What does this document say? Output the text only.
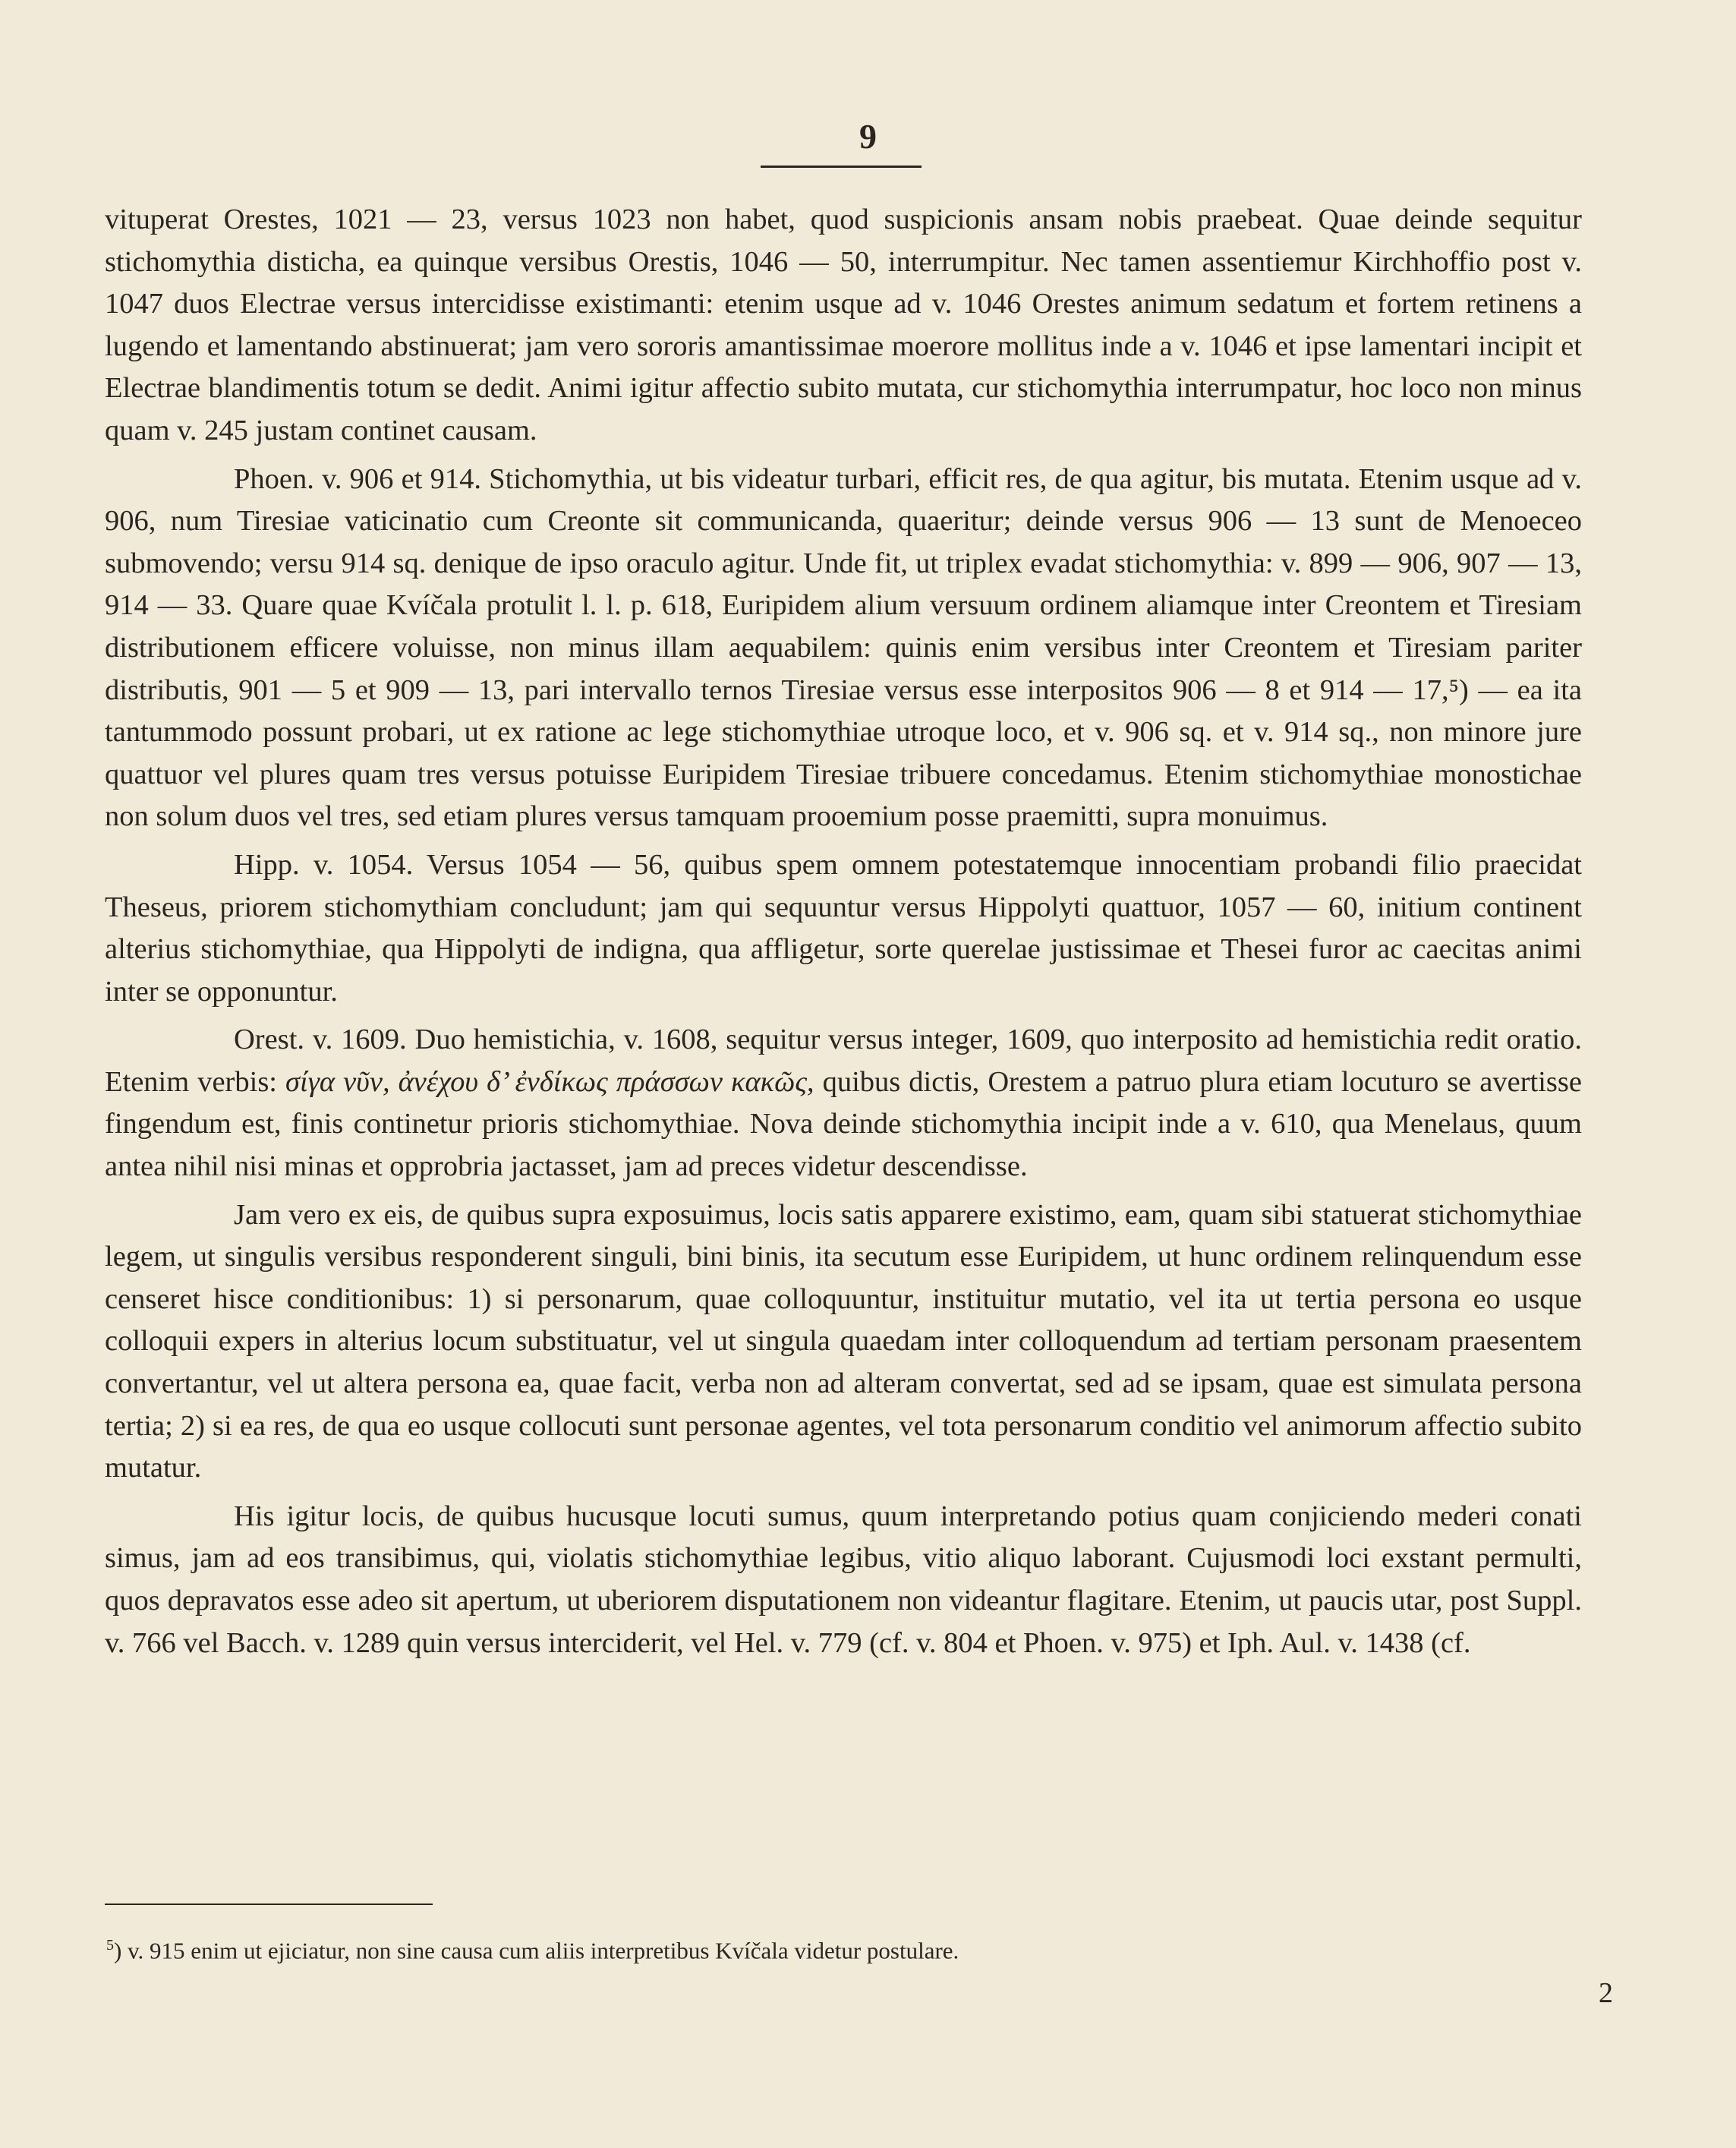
9

vituperat Orestes, 1021 — 23, versus 1023 non habet, quod suspicionis ansam nobis praebeat. Quae deinde sequitur stichomythia disticha, ea quinque versibus Orestis, 1046 — 50, interrumpitur. Nec tamen assentiemur Kirchhoffio post v. 1047 duos Electrae versus intercidisse existimanti: etenim usque ad v. 1046 Orestes animum sedatum et fortem retinens a lugendo et lamentando abstinuerat; jam vero sororis amantissimae moerore mollitus inde a v. 1046 et ipse lamentari incipit et Electrae blandimentis totum se dedit. Animi igitur affectio subito mutata, cur stichomythia interrumpatur, hoc loco non minus quam v. 245 justam continet causam.

Phoen. v. 906 et 914. Stichomythia, ut bis videatur turbari, efficit res, de qua agitur, bis mutata. Etenim usque ad v. 906, num Tiresiae vaticinatio cum Creonte sit communicanda, quaeritur; deinde versus 906 — 13 sunt de Menoeceo submovendo; versu 914 sq. denique de ipso oraculo agitur. Unde fit, ut triplex evadat stichomythia: v. 899 — 906, 907 — 13, 914 — 33. Quare quae Kvíčala protulit l. l. p. 618, Euripidem alium versuum ordinem aliamque inter Creontem et Tiresiam distributionem efficere voluisse, non minus illam aequabilem: quinis enim versibus inter Creontem et Tiresiam pariter distributis, 901 — 5 et 909 — 13, pari intervallo ternos Tiresiae versus esse interpositos 906 — 8 et 914 — 17,⁵) — ea ita tantummodo possunt probari, ut ex ratione ac lege stichomythiae utroque loco, et v. 906 sq. et v. 914 sq., non minore jure quattuor vel plures quam tres versus potuisse Euripidem Tiresiae tribuere concedamus. Etenim stichomythiae monostichae non solum duos vel tres, sed etiam plures versus tamquam prooemium posse praemitti, supra monuimus.

Hipp. v. 1054. Versus 1054 — 56, quibus spem omnem potestatemque innocentiam probandi filio praecidat Theseus, priorem stichomythiam concludunt; jam qui sequuntur versus Hippolyti quattuor, 1057 — 60, initium continent alterius stichomythiae, qua Hippolyti de indigna, qua affligetur, sorte querelae justissimae et Thesei furor ac caecitas animi inter se opponuntur.

Orest. v. 1609. Duo hemistichia, v. 1608, sequitur versus integer, 1609, quo interposito ad hemistichia redit oratio. Etenim verbis: σίγα νῦν, ἀνέχου δ’ ἐνδίκως πράσσων κακῶς, quibus dictis, Orestem a patruo plura etiam locuturo se avertisse fingendum est, finis continetur prioris stichomythiae. Nova deinde stichomythia incipit inde a v. 610, qua Menelaus, quum antea nihil nisi minas et opprobria jactasset, jam ad preces videtur descendisse.

Jam vero ex eis, de quibus supra exposuimus, locis satis apparere existimo, eam, quam sibi statuerat stichomythiae legem, ut singulis versibus responderent singuli, bini binis, ita secutum esse Euripidem, ut hunc ordinem relinquendum esse censeret hisce conditionibus: 1) si personarum, quae colloquuntur, instituitur mutatio, vel ita ut tertia persona eo usque colloquii expers in alterius locum substituatur, vel ut singula quaedam inter colloquendum ad tertiam personam praesentem convertantur, vel ut altera persona ea, quae facit, verba non ad alteram convertat, sed ad se ipsam, quae est simulata persona tertia; 2) si ea res, de qua eo usque collocuti sunt personae agentes, vel tota personarum conditio vel animorum affectio subito mutatur.

His igitur locis, de quibus hucusque locuti sumus, quum interpretando potius quam conjiciendo mederi conati simus, jam ad eos transibimus, qui, violatis stichomythiae legibus, vitio aliquo laborant. Cujusmodi loci exstant permulti, quos depravatos esse adeo sit apertum, ut uberiorem disputationem non videantur flagitare. Etenim, ut paucis utar, post Suppl. v. 766 vel Bacch. v. 1289 quin versus interciderit, vel Hel. v. 779 (cf. v. 804 et Phoen. v. 975) et Iph. Aul. v. 1438 (cf.

$^5$) v. 915 enim ut ejiciatur, non sine causa cum aliis interpretibus Kvíčala videtur postulare.
2
